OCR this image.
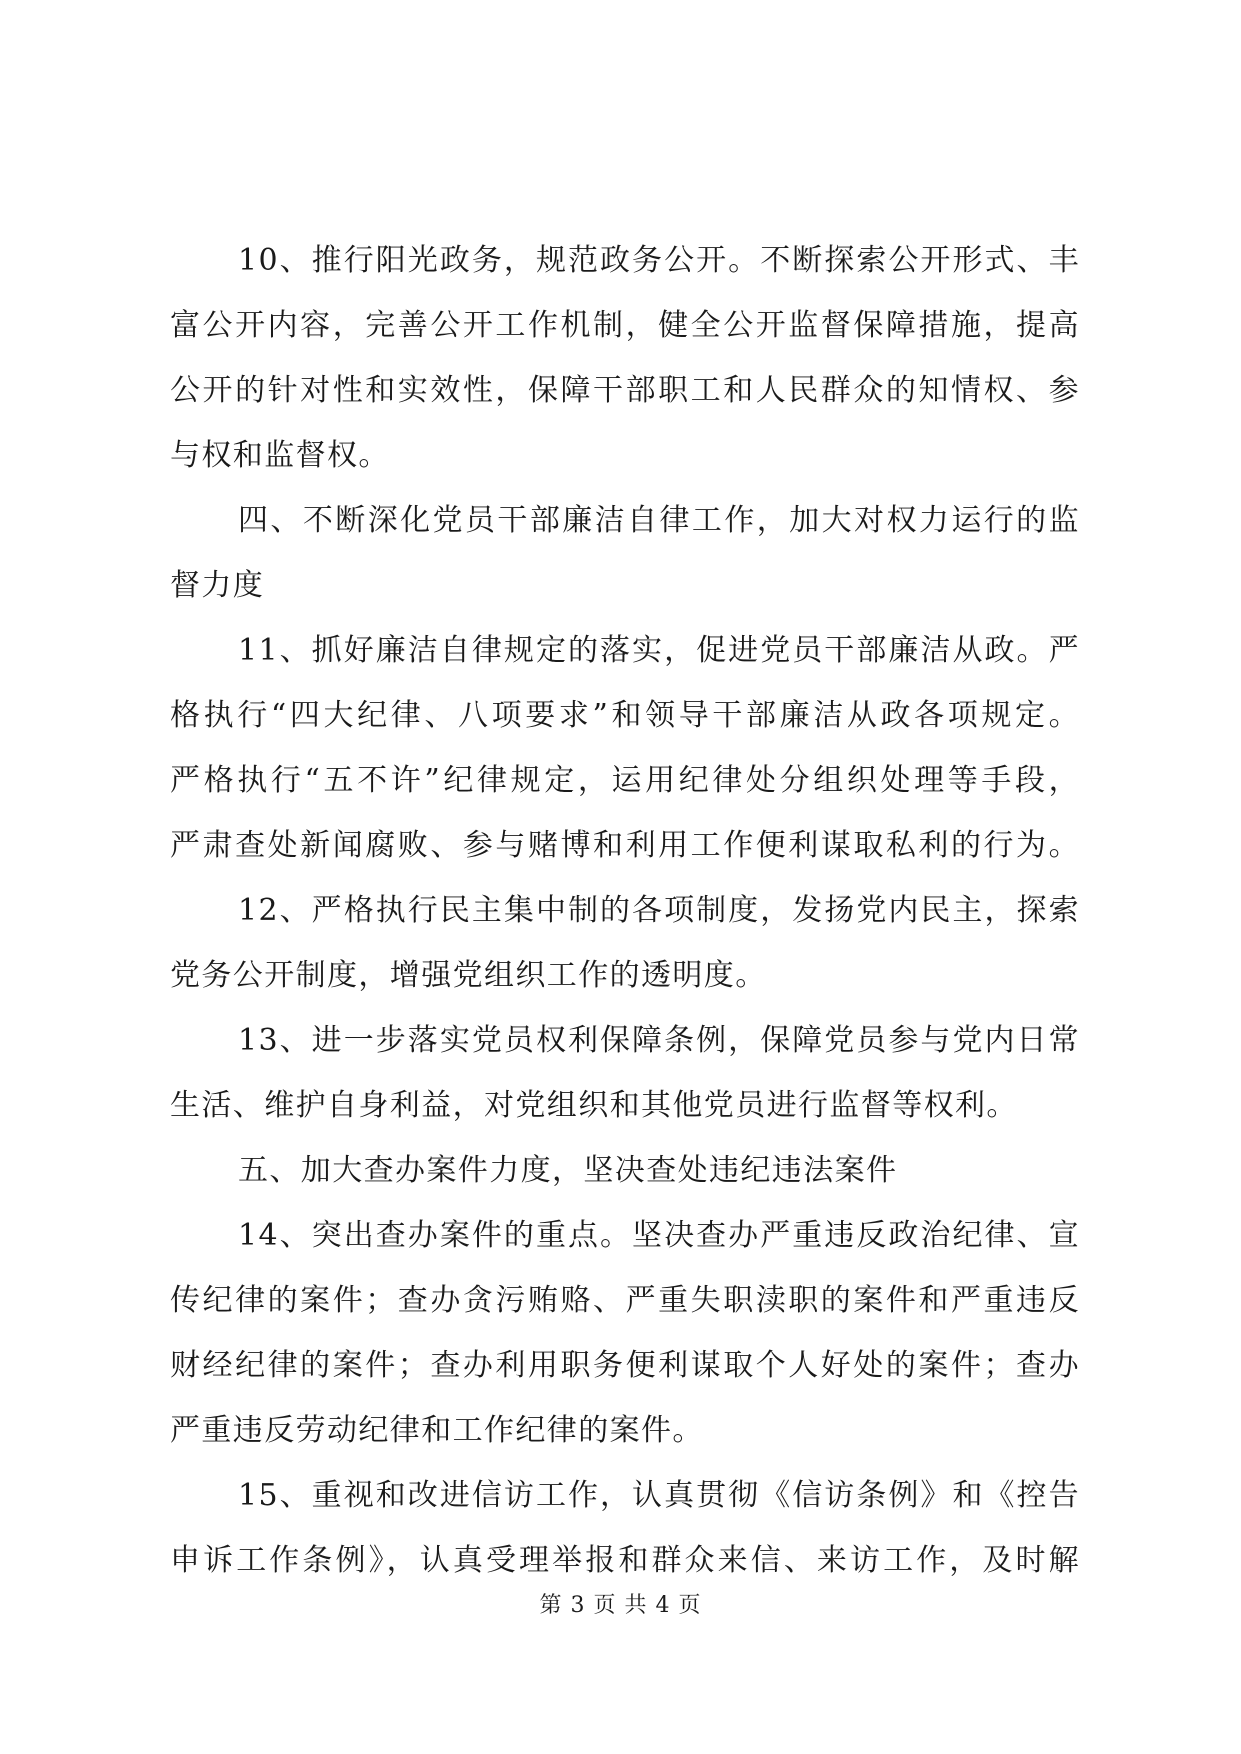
10、推行阳光政务，规范政务公开。不断探索公开形式、丰
富公开内容，完善公开工作机制，健全公开监督保障措施，提高
公开的针对性和实效性，保障干部职工和人民群众的知情权、参
与权和监督权。

四、不断深化党员干部廉洁自律工作，加大对权力运行的监
督力度

11、抓好廉洁自律规定的落实，促进党员干部廉洁从政。严
格执行“四大纪律、八项要求”和领导干部廉洁从政各项规定。
严格执行“五不许”纪律规定，运用纪律处分组织处理等手段，
严肃查处新闻腐败、参与赌博和利用工作便利谋取私利的行为。

12、严格执行民主集中制的各项制度，发扬党内民主，探索
党务公开制度，增强党组织工作的透明度。

13、进一步落实党员权利保障条例，保障党员参与党内日常
生活、维护自身利益，对党组织和其他党员进行监督等权利。

五、加大查办案件力度，坚决查处违纪违法案件

14、突出查办案件的重点。坚决查办严重违反政治纪律、宣
传纪律的案件；查办贪污贿赂、严重失职渎职的案件和严重违反
财经纪律的案件；查办利用职务便利谋取个人好处的案件；查办
严重违反劳动纪律和工作纪律的案件。

15、重视和改进信访工作，认真贯彻《信访条例》和《控告
申诉工作条例》，认真受理举报和群众来信、来访工作，及时解

第 3 页 共 4 页
